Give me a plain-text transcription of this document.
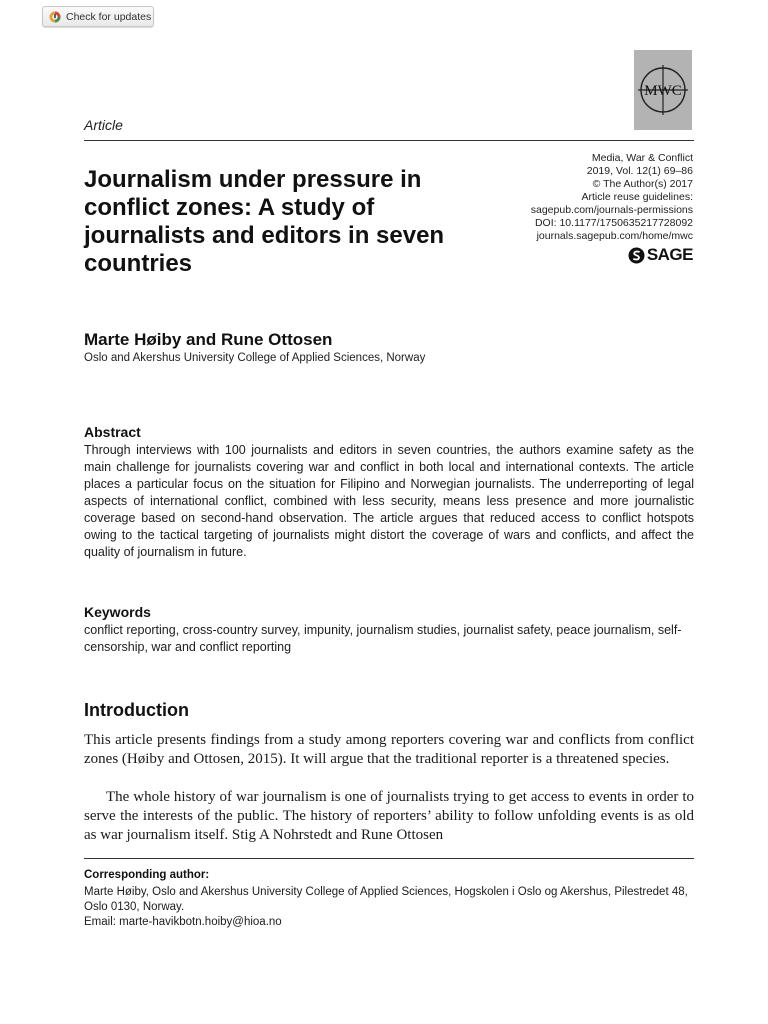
Check for updates
MWC
Article
Journalism under pressure in conflict zones: A study of journalists and editors in seven countries
Media, War & Conflict
2019, Vol. 12(1) 69–86
© The Author(s) 2017
Article reuse guidelines:
sagepub.com/journals-permissions
DOI: 10.1177/1750635217728092
journals.sagepub.com/home/mwc
SAGE
Marte Høiby and Rune Ottosen
Oslo and Akershus University College of Applied Sciences, Norway
Abstract
Through interviews with 100 journalists and editors in seven countries, the authors examine safety as the main challenge for journalists covering war and conflict in both local and international contexts. The article places a particular focus on the situation for Filipino and Norwegian journalists. The underreporting of legal aspects of international conflict, combined with less security, means less presence and more journalistic coverage based on second-hand observation. The article argues that reduced access to conflict hotspots owing to the tactical targeting of journalists might distort the coverage of wars and conflicts, and affect the quality of journalism in future.
Keywords
conflict reporting, cross-country survey, impunity, journalism studies, journalist safety, peace journalism, self-censorship, war and conflict reporting
Introduction

This article presents findings from a study among reporters covering war and conflicts from conflict zones (Høiby and Ottosen, 2015). It will argue that the traditional reporter is a threatened species.

The whole history of war journalism is one of journalists trying to get access to events in order to serve the interests of the public. The history of reporters’ ability to follow unfolding events is as old as war journalism itself. Stig A Nohrstedt and Rune Ottosen

Corresponding author:
Marte Høiby, Oslo and Akershus University College of Applied Sciences, Hogskolen i Oslo og Akershus, Pilestredet 48, Oslo 0130, Norway.
Email: marte-havikbotn.hoiby@hioa.no
